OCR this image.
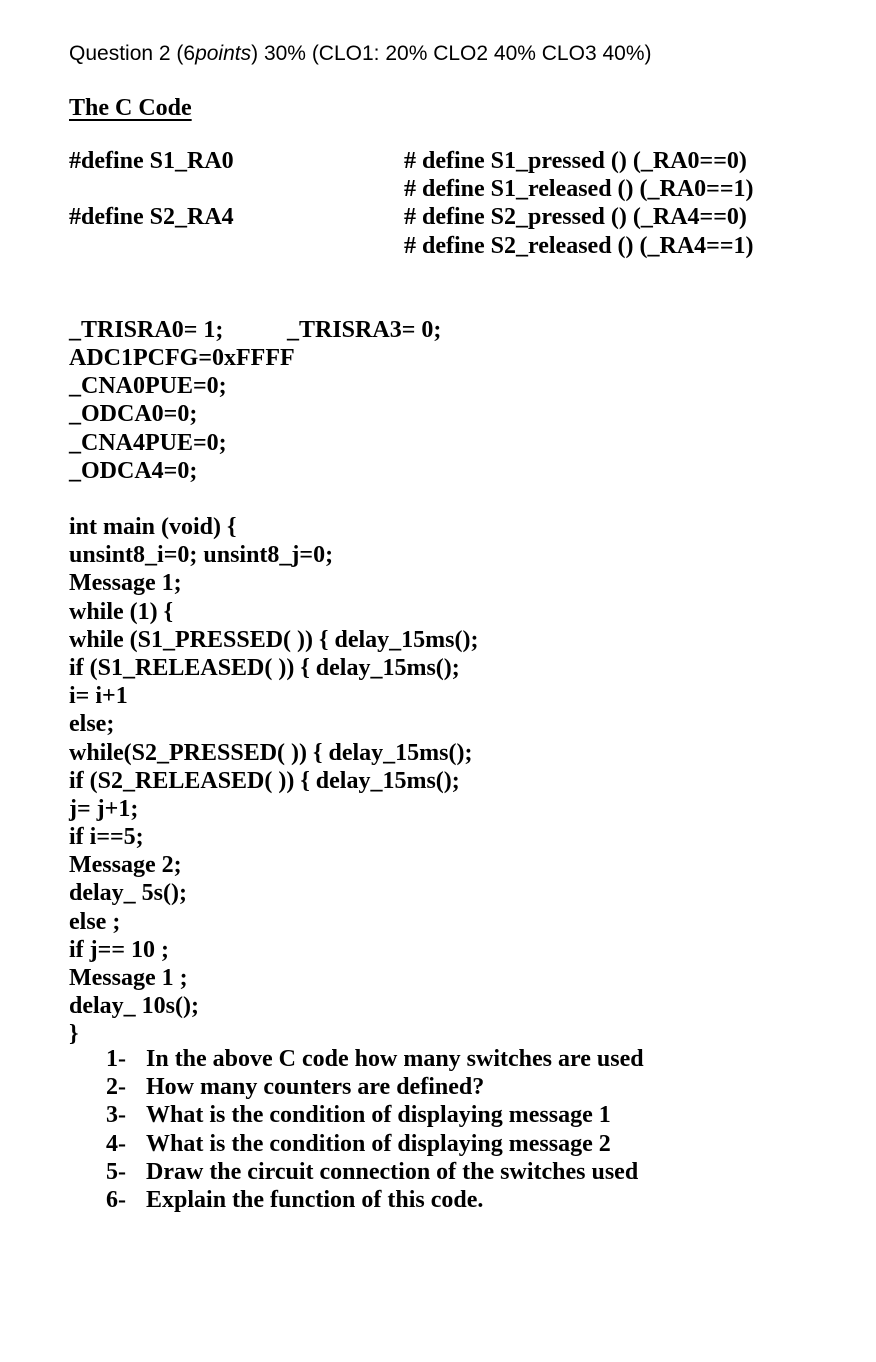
Question 2 (6points) 30% (CLO1: 20% CLO2 40% CLO3 40%)
The C Code
#define S1_RA0
#define S2_RA4
# define S1_pressed () (_RA0==0)
# define S1_released () (_RA0==1)
# define S2_pressed () (_RA4==0)
# define S2_released () (_RA4==1)
_TRISRA0= 1;	_TRISRA3= 0;
ADC1PCFG=0xFFFF
_CNA0PUE=0;
_ODCA0=0;
_CNA4PUE=0;
_ODCA4=0;
int main (void) {
unsint8_i=0; unsint8_j=0;
Message 1;
while (1) {
while (S1_PRESSED( )) { delay_15ms();
if (S1_RELEASED( )) { delay_15ms();
i= i+1
else;
while(S2_PRESSED( )) { delay_15ms();
if (S2_RELEASED( )) { delay_15ms();
j= j+1;
if i==5;
Message 2;
delay_ 5s();
else ;
if j== 10 ;
Message 1 ;
delay_ 10s();
}
1- In the above C code how many switches are used
2- How many counters are defined?
3- What is the condition of displaying message 1
4- What is the condition of displaying message 2
5- Draw the circuit connection of the switches used
6- Explain the function of this code.
